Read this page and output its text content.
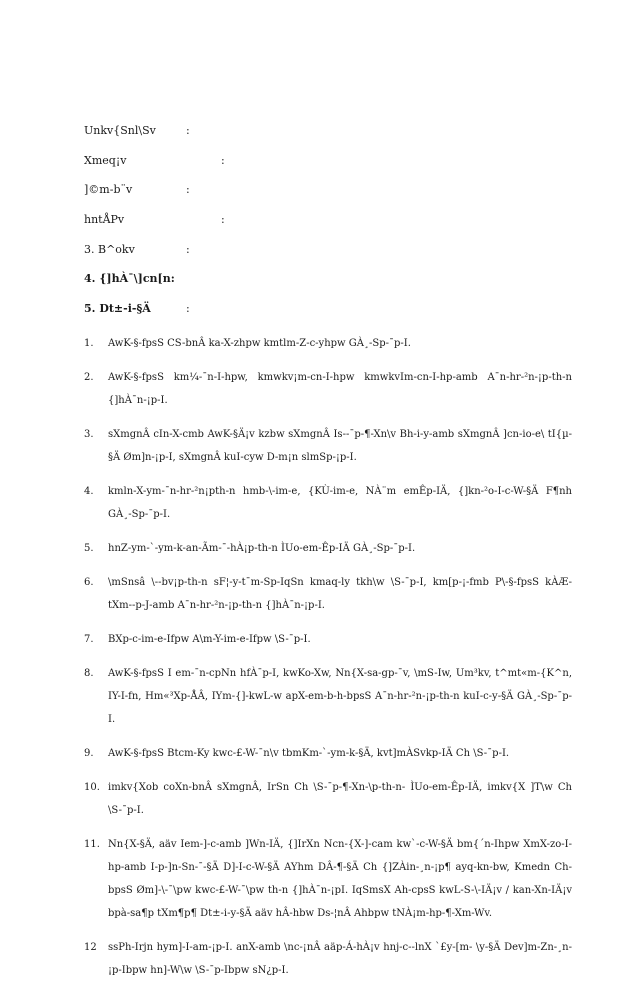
Unkv{Snl\Sv	:
Xmeq¡v	:
]©m-b¨v	:
hntÅPv	:
3. B^okv	:
4. {]hÀ¯\]cn[n:
5. Dt±-i-§Ä	:
1. AwK-§-fpsS CS-bnÂ ka-X-zhpw kmtlm-Z-c-yhpw GÀ¸-Sp-¯p-I.
2. AwK-§-fpsS km¼-¯n-I-hpw, kmwkv¡m-cn-I-hpw kmwkvIm-cn-I-hp-amb A¯n-hr-²n-¡p-th-n {]hÀ¯n-¡p-I.
3. sXmgnÂ cIn-X-cmb AwK-§Ä¡v kzbw sXmgnÂ Is--¯p-¶-Xn\v Bh-i-y-amb sXmgnÂ ]cn-io-e\ tI{µ-§Ä Øm]n-¡p-I, sXmgnÂ kuI-cyw D-m¡n slmSp-¡p-I.
4. kmln-X-ym-¯n-hr-²n¡pth-n hmb-\-im-e, {KÙ-im-e, NÀ¨m emÊp-IÄ, {]kn-²o-I-c-W-§Ä F¶nh GÀ¸-Sp-¯p-I.
5. hnZ-ym-`-ym-k-an-Ãm-¯-hÀ¡p-th-n ÌUo-em-Êp-IÄ GÀ¸-Sp-¯p-I.
6. \mSnsâ \--bv¡p-th-n sF¦-y-t¯m-Sp-IqSn kmaq-ly tkh\w \S-¯p-I, km[p-¡-fmb P\-§-fpsS kÀÆ-tXm--p-J-amb A¯n-hr-²n-¡p-th-n {]hÀ¯n-¡p-I.
7. BXp-c-im-e-Ifpw A\m-Y-im-e-Ifpw \S-¯p-I.
8. AwK-§-fpsS I em-¯n-cpNn hfÀ¯p-I, kwKo-Xw, Nn{X-sa-gp-¯v, \mS-Iw, Um³kv, t^mt«m-{K^n, IY-I-fn, Hm«³Xp-ÅÂ, IYm-{]-kwL-w apX-em-b-h-bpsS A¯n-hr-²n-¡p-th-n kuI-c-y-§Ä GÀ¸-Sp-¯p-I.
9. AwK-§-fpsS Btcm-Ky kwc-£-W-¯n\v tbmKm-`-ym-k-§Ä, kvt]mÀSvkp-IÄ Ch \S-¯p-I.
10. imkv{Xob coXn-bnÂ sXmgnÂ, IrSn Ch \S-¯p-¶-Xn-\p-th-n- ÌUo-em-Êp-IÄ, imkv{X ]T\w Ch \S-¯p-I.
11. Nn{X-§Ä, aäv Iem-]-c-amb ]Wn-IÄ, {]IrXn Ncn-{X-]-cam kw`-c-W-§Ä bm{´n-Ihpw XmX-zo-I-hp-amb I-p-]n-Sn-¯-§Ä D]-I-c-W-§Ä AYhm DÂ-¶-§Ä Ch {]ZÀin-¸n-¡p¶ ayq-kn-bw, Kmedn Ch-bpsS Øm]-\-¯\pw kwc-£-W-¯\pw th-n {]hÀ¯n-¡pI. IqSmsX Ah-cpsS kwL-S-\-IÄ¡v / kan-Xn-IÄ¡v bpà-sa¶p tXm¶p¶ Dt±-i-y-§Ä aäv hÂ-hbw Ds-¦nÂ Ahbpw tNÀ¡m-hp-¶-Xm-Wv.
12 ssPh-Irjn hym]-I-am-¡p-I. anX-amb \nc-¡nÂ aäp-Á-hÀ¡v hnj-c--lnX `£y-[m- \y-§Ä Dev]m-Zn-¸n-¡p-Ibpw hn]-W\w \S-¯p-Ibpw sN¿p-I.
